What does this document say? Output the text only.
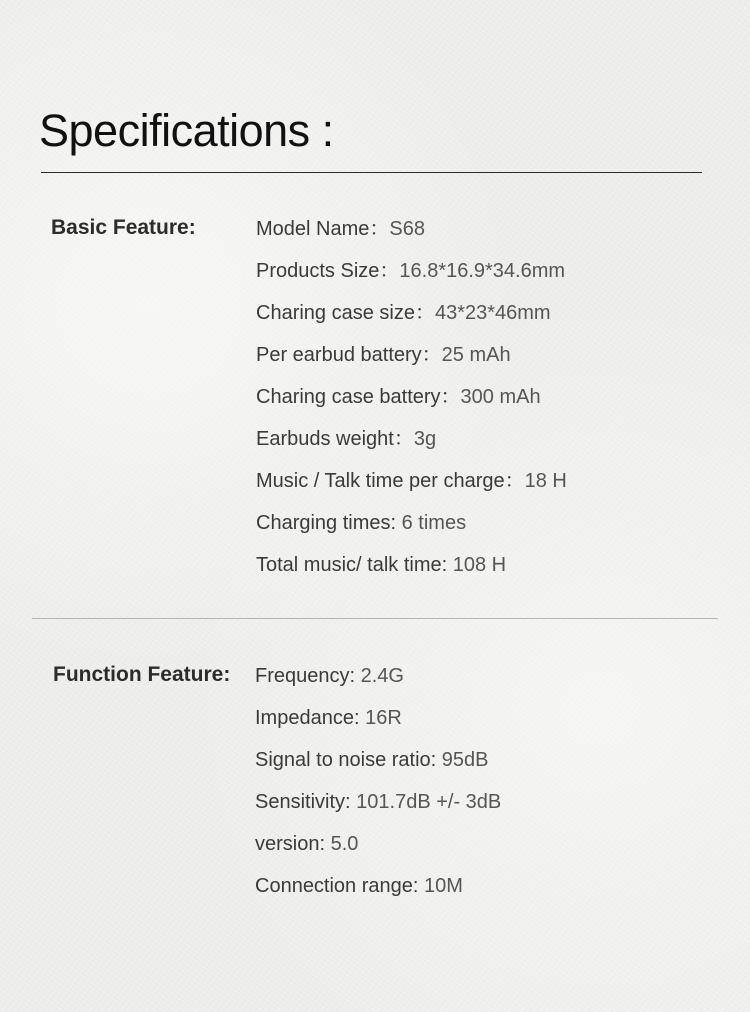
Specifications :
Basic Feature:	Model Name：S68
Products Size：16.8*16.9*34.6mm
Charing case size：43*23*46mm
Per earbud battery：25 mAh
Charing case battery：300 mAh
Earbuds weight：3g
Music / Talk time per charge：18 H
Charging times: 6 times
Total music/ talk time: 108 H
Function Feature: Frequency: 2.4G
Impedance: 16R
Signal to noise ratio: 95dB
Sensitivity: 101.7dB +/- 3dB
version: 5.0
Connection range: 10M
